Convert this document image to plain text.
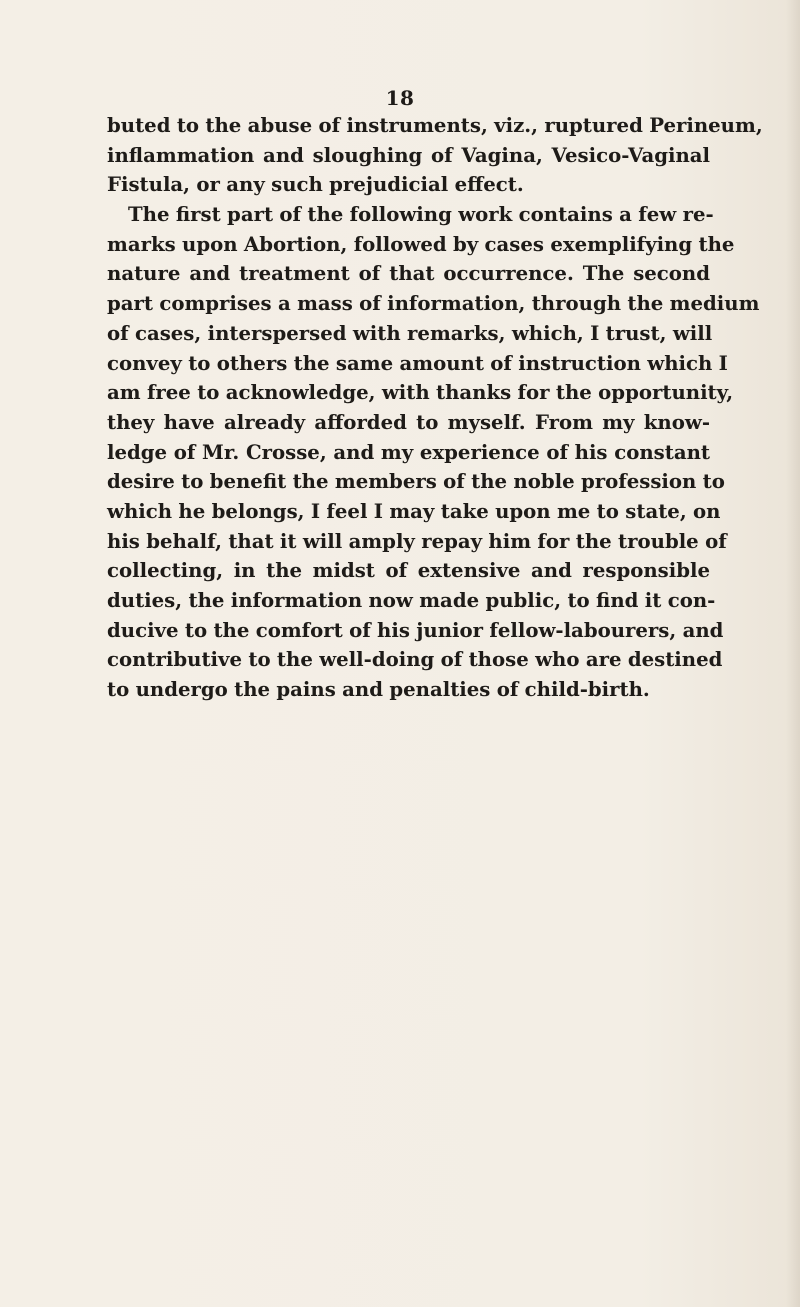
18
buted to the abuse of instruments, viz., ruptured Perineum,
inflammation and sloughing of Vagina, Vesico-Vaginal
Fistula, or any such prejudicial effect.
The first part of the following work contains a few re-
marks upon Abortion, followed by cases exemplifying the
nature and treatment of that occurrence. The second
part comprises a mass of information, through the medium
of cases, interspersed with remarks, which, I trust, will
convey to others the same amount of instruction which I
am free to acknowledge, with thanks for the opportunity,
they have already afforded to myself. From my know-
ledge of Mr. Crosse, and my experience of his constant
desire to benefit the members of the noble profession to
which he belongs, I feel I may take upon me to state, on
his behalf, that it will amply repay him for the trouble of
collecting, in the midst of extensive and responsible
duties, the information now made public, to find it con-
ducive to the comfort of his junior fellow-labourers, and
contributive to the well-doing of those who are destined
to undergo the pains and penalties of child-birth.
